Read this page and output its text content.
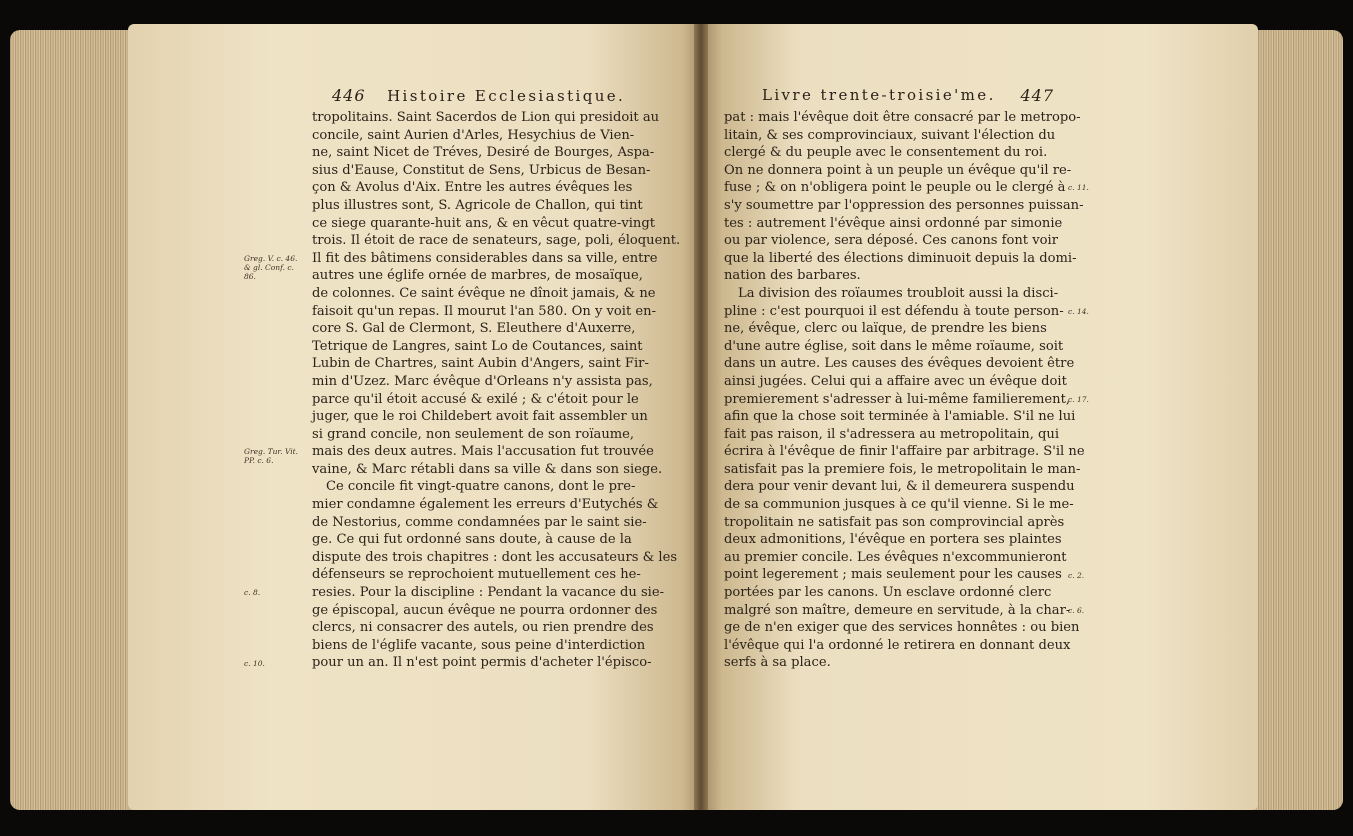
446 Histoire Ecclesiastique.	Livre trente-troisie'me. 447
tropolitains. Saint Sacerdos de Lion qui presidoit au
concile, saint Aurien d'Arles, Hesychius de Vien-
ne, saint Nicet de Tréves, Desiré de Bourges, Aspa-
sius d'Eause, Constitut de Sens, Urbicus de Besan-
çon & Avolus d'Aix. Entre les autres évêques les
plus illustres sont, S. Agricole de Challon, qui tint
ce siege quarante-huit ans, & en vêcut quatre-vingt
trois. Il étoit de race de senateurs, sage, poli, éloquent.
Il fit des bâtimens considerables dans sa ville, entre
autres une églife ornée de marbres, de mosaïque,
de colonnes. Ce saint évêque ne dînoit jamais, & ne
faisoit qu'un repas. Il mourut l'an 580. On y voit en-
core S. Gal de Clermont, S. Eleuthere d'Auxerre,
Tetrique de Langres, saint Lo de Coutances, saint
Lubin de Chartres, saint Aubin d'Angers, saint Fir-
min d'Uzez. Marc évêque d'Orleans n'y assista pas,
parce qu'il étoit accusé & exilé ; & c'étoit pour le
juger, que le roi Childebert avoit fait assembler un
si grand concile, non seulement de son roïaume,
mais des deux autres. Mais l'accusation fut trouvée
vaine, & Marc rétabli dans sa ville & dans son siege.
Ce concile fit vingt-quatre canons, dont le pre-
mier condamne également les erreurs d'Eutychés &
de Nestorius, comme condamnées par le saint sie-
ge. Ce qui fut ordonné sans doute, à cause de la
dispute des trois chapitres : dont les accusateurs & les
défenseurs se reprochoient mutuellement ces he-
resies. Pour la discipline : Pendant la vacance du sie-
ge épiscopal, aucun évêque ne pourra ordonner des
clercs, ni consacrer des autels, ou rien prendre des
biens de l'églife vacante, sous peine d'interdiction
pour un an. Il n'est point permis d'acheter l'épisco-
Greg. V. c. 46. & gl. Conf. c. 86.
Greg. Tur. Vit. PP. c. 6.
c. 8.
c. 10.
pat : mais l'évêque doit être consacré par le metropo-
litain, & ses comprovinciaux, suivant l'élection du
clergé & du peuple avec le consentement du roi.
On ne donnera point à un peuple un évêque qu'il re-
fuse ; & on n'obligera point le peuple ou le clergé à
s'y soumettre par l'oppression des personnes puissan-
tes : autrement l'évêque ainsi ordonné par simonie
ou par violence, sera déposé. Ces canons font voir
que la liberté des élections diminuoit depuis la domi-
nation des barbares.
La division des roïaumes troubloit aussi la disci-
pline : c'est pourquoi il est défendu à toute person-
ne, évêque, clerc ou laïque, de prendre les biens
d'une autre église, soit dans le même roïaume, soit
dans un autre. Les causes des évêques devoient être
ainsi jugées. Celui qui a affaire avec un évêque doit
premierement s'adresser à lui-même familierement,
afin que la chose soit terminée à l'amiable. S'il ne lui
fait pas raison, il s'adressera au metropolitain, qui
écrira à l'évêque de finir l'affaire par arbitrage. S'il ne
satisfait pas la premiere fois, le metropolitain le man-
dera pour venir devant lui, & il demeurera suspendu
de sa communion jusques à ce qu'il vienne. Si le me-
tropolitain ne satisfait pas son comprovincial après
deux admonitions, l'évêque en portera ses plaintes
au premier concile. Les évêques n'excommunieront
point legerement ; mais seulement pour les causes
portées par les canons. Un esclave ordonné clerc
malgré son maître, demeure en servitude, à la char-
ge de n'en exiger que des services honnêtes : ou bien
l'évêque qui l'a ordonné le retirera en donnant deux
serfs à sa place.
c. 11.
c. 14.
c. 17.
c. 2.
c. 6.
